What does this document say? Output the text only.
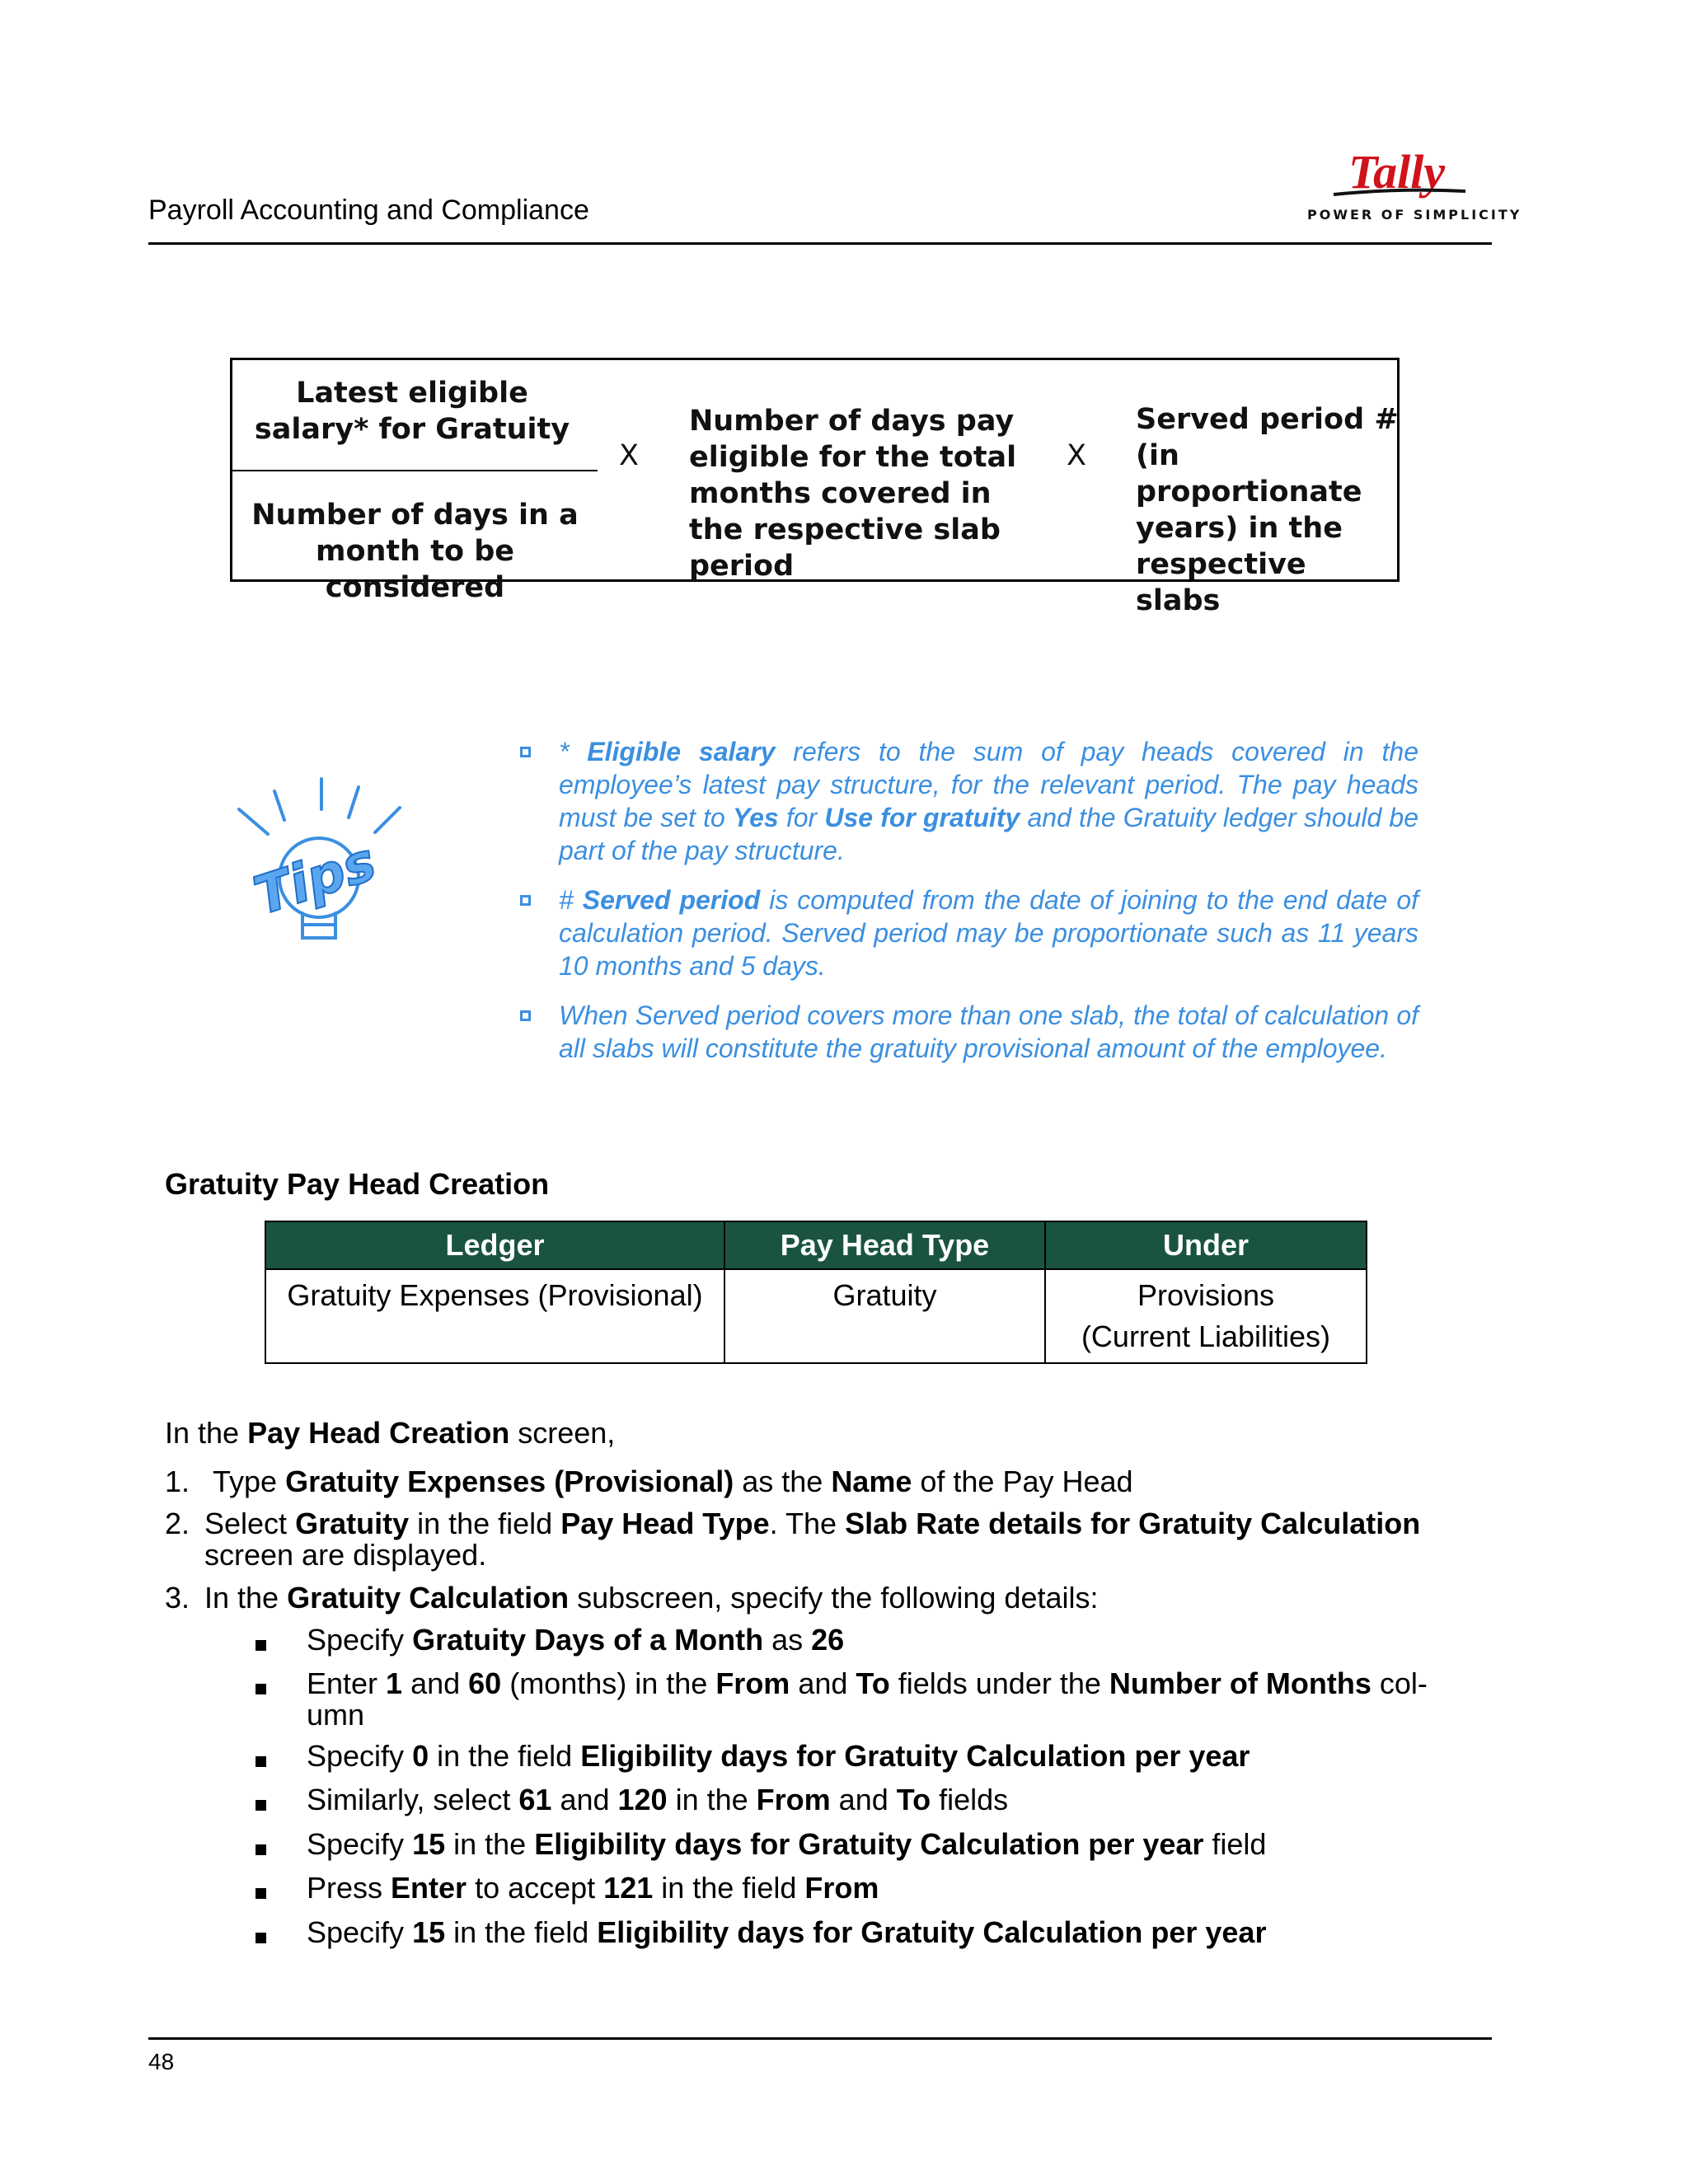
Payroll Accounting and Compliance
Tally
POWER OF SIMPLICITY
Latest eligible salary* for Gratuity
Number of days in a month to be considered
X
Number of days pay eligible for the total months covered in the respective slab period
X
Served period # (in proportionate years) in the respective slabs
Tips
* Eligible salary refers to the sum of pay heads covered in the employee’s latest pay structure, for the relevant period. The pay heads must be set to Yes for Use for gratuity and the Gratuity ledger should be part of the pay structure.
# Served period is computed from the date of joining to the end date of calculation period. Served period may be proportionate such as 11 years 10 months and 5 days.
When Served period covers more than one slab, the total of calculation of all slabs will constitute the gratuity provisional amount of the employee.
Gratuity Pay Head Creation
Ledger	Pay Head Type	Under
Gratuity Expenses (Provisional)	Gratuity	Provisions
(Current Liabilities)
In the Pay Head Creation screen,
1. Type Gratuity Expenses (Provisional) as the Name of the Pay Head
2. Select Gratuity in the field Pay Head Type. The Slab Rate details for Gratuity Calculation
screen are displayed.
3. In the Gratuity Calculation subscreen, specify the following details:
Specify Gratuity Days of a Month as 26
Enter 1 and 60 (months) in the From and To fields under the Number of Months col-
umn
Specify 0 in the field Eligibility days for Gratuity Calculation per year
Similarly, select 61 and 120 in the From and To fields
Specify 15 in the Eligibility days for Gratuity Calculation per year field
Press Enter to accept 121 in the field From
Specify 15 in the field Eligibility days for Gratuity Calculation per year
48
